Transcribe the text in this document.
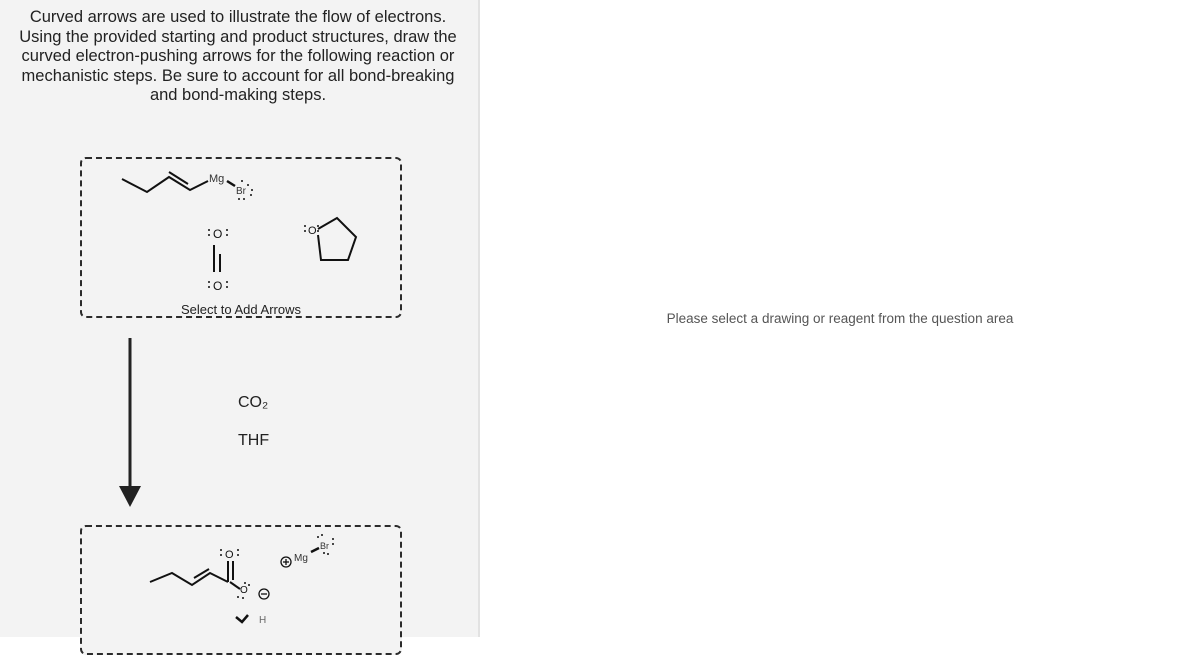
Curved arrows are used to illustrate the flow of electrons. Using the provided starting and product structures, draw the curved electron-pushing arrows for the following reaction or mechanistic steps. Be sure to account for all bond-breaking and bond-making steps.
Mg
Br
O
O
O
Select to Add Arrows
CO₂
THF
O
O
H
Mg
Br
Please select a drawing or reagent from the question area
